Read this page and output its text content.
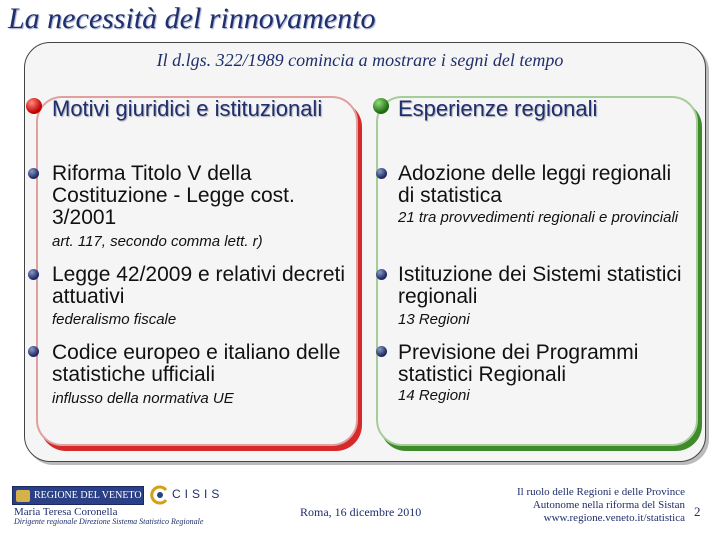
La necessità del rinnovamento
Il d.lgs. 322/1989 comincia a mostrare i segni del tempo
Motivi giuridici e istituzionali
Riforma Titolo V della Costituzione - Legge cost. 3/2001
art. 117, secondo comma lett. r)
Legge 42/2009 e relativi decreti attuativi
federalismo fiscale
Codice europeo e italiano delle statistiche ufficiali
influsso della normativa UE
Esperienze regionali
Adozione delle leggi regionali di statistica
21 tra provvedimenti regionali e provinciali
Istituzione dei Sistemi statistici regionali
13 Regioni
Previsione dei Programmi statistici Regionali
14 Regioni
REGIONE DEL VENETO	CISIS
Maria Teresa Coronella
Dirigente regionale Direzione Sistema Statistico Regionale
Roma, 16 dicembre 2010
Il ruolo delle Regioni e delle Province
Autonome nella riforma del Sistan
www.regione.veneto.it/statistica 2
